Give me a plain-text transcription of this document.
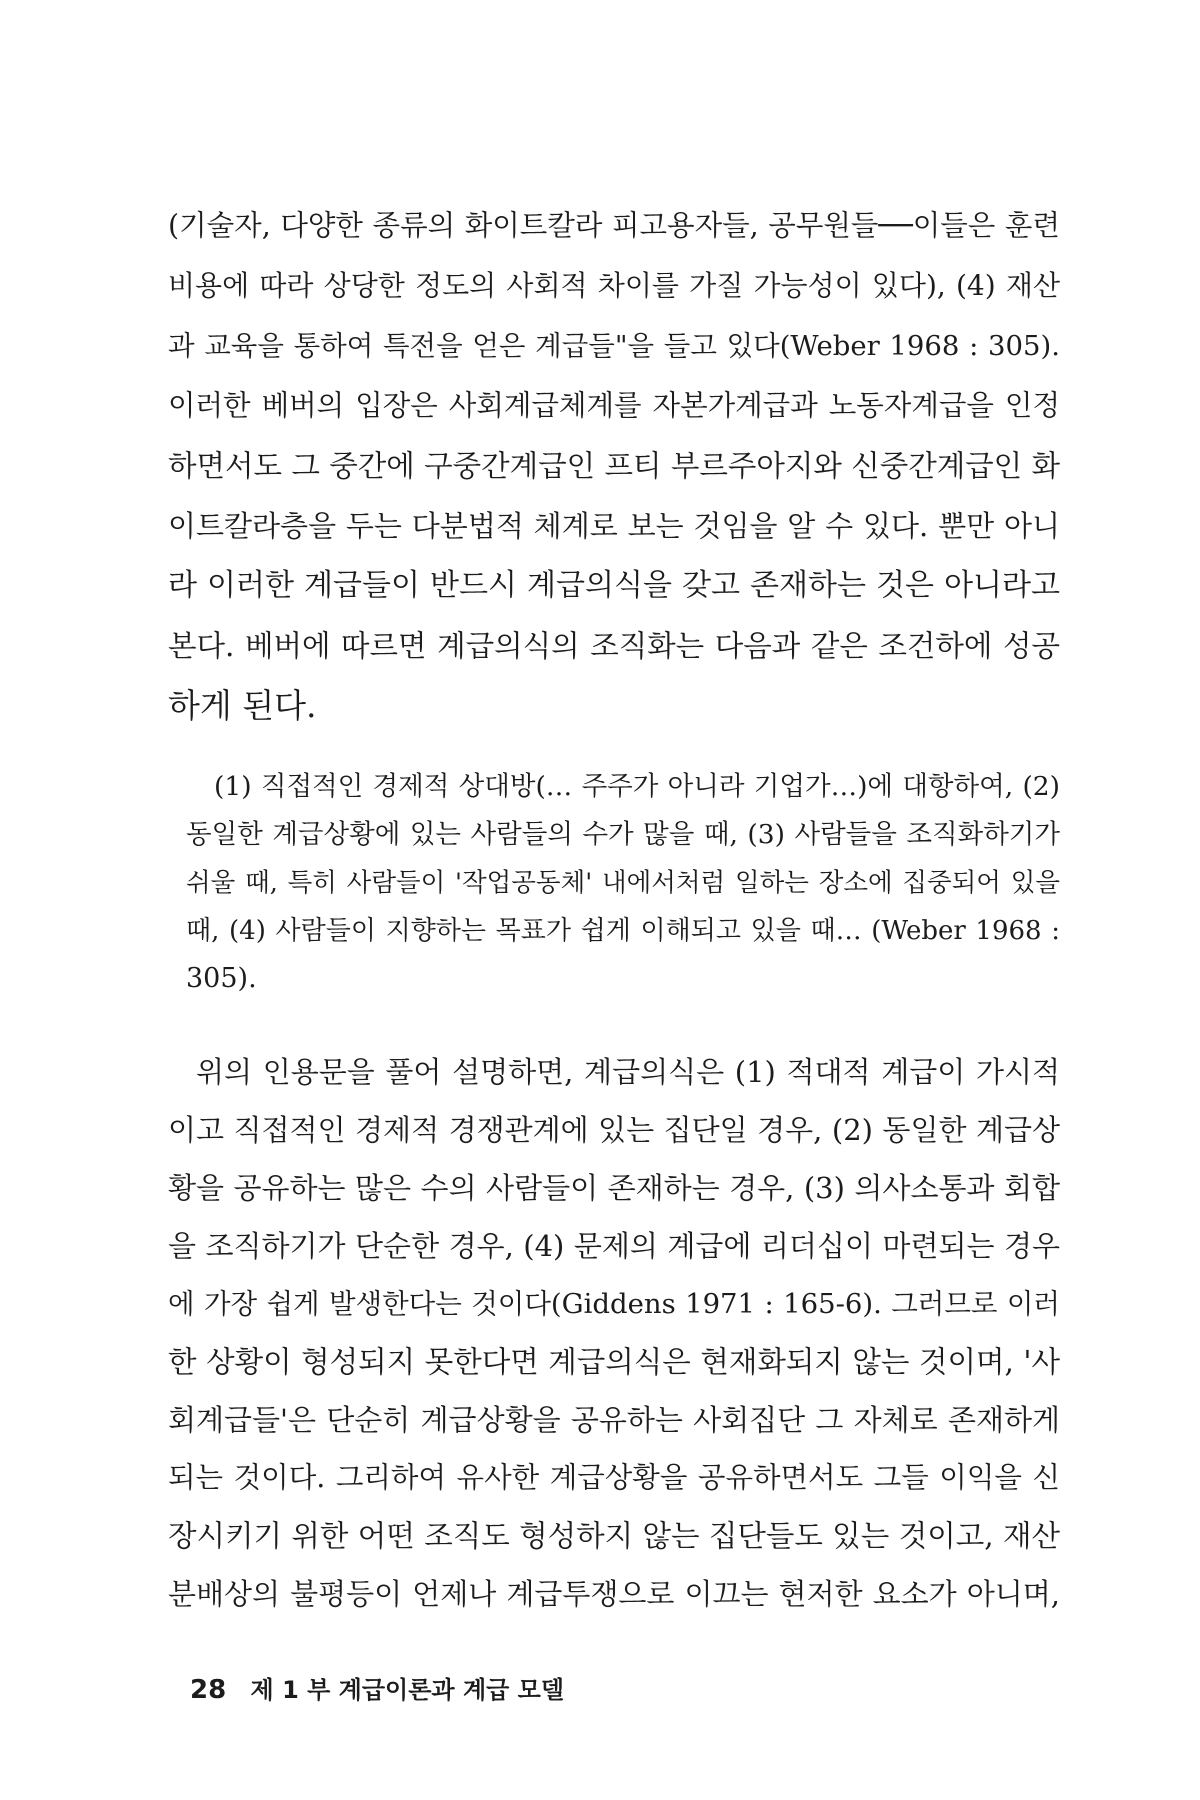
(기술자, 다양한 종류의 화이트칼라 피고용자들, 공무원들──이들은 훈련
비용에 따라 상당한 정도의 사회적 차이를 가질 가능성이 있다), (4) 재산
과 교육을 통하여 특전을 얻은 계급들"을 들고 있다(Weber 1968 : 305).
이러한 베버의 입장은 사회계급체계를 자본가계급과 노동자계급을 인정
하면서도 그 중간에 구중간계급인 프티 부르주아지와 신중간계급인 화
이트칼라층을 두는 다분법적 체계로 보는 것임을 알 수 있다. 뿐만 아니
라 이러한 계급들이 반드시 계급의식을 갖고 존재하는 것은 아니라고
본다. 베버에 따르면 계급의식의 조직화는 다음과 같은 조건하에 성공
하게 된다.
(1) 직접적인 경제적 상대방(… 주주가 아니라 기업가…)에 대항하여, (2)
동일한 계급상황에 있는 사람들의 수가 많을 때, (3) 사람들을 조직화하기가
쉬울 때, 특히 사람들이 '작업공동체' 내에서처럼 일하는 장소에 집중되어 있을
때, (4) 사람들이 지향하는 목표가 쉽게 이해되고 있을 때… (Weber 1968 :
305).
위의 인용문을 풀어 설명하면, 계급의식은 (1) 적대적 계급이 가시적
이고 직접적인 경제적 경쟁관계에 있는 집단일 경우, (2) 동일한 계급상
황을 공유하는 많은 수의 사람들이 존재하는 경우, (3) 의사소통과 회합
을 조직하기가 단순한 경우, (4) 문제의 계급에 리더십이 마련되는 경우
에 가장 쉽게 발생한다는 것이다(Giddens 1971 : 165-6). 그러므로 이러
한 상황이 형성되지 못한다면 계급의식은 현재화되지 않는 것이며, '사
회계급들'은 단순히 계급상황을 공유하는 사회집단 그 자체로 존재하게
되는 것이다. 그리하여 유사한 계급상황을 공유하면서도 그들 이익을 신
장시키기 위한 어떤 조직도 형성하지 않는 집단들도 있는 것이고, 재산
분배상의 불평등이 언제나 계급투쟁으로 이끄는 현저한 요소가 아니며,
28 제 1 부 계급이론과 계급 모델
